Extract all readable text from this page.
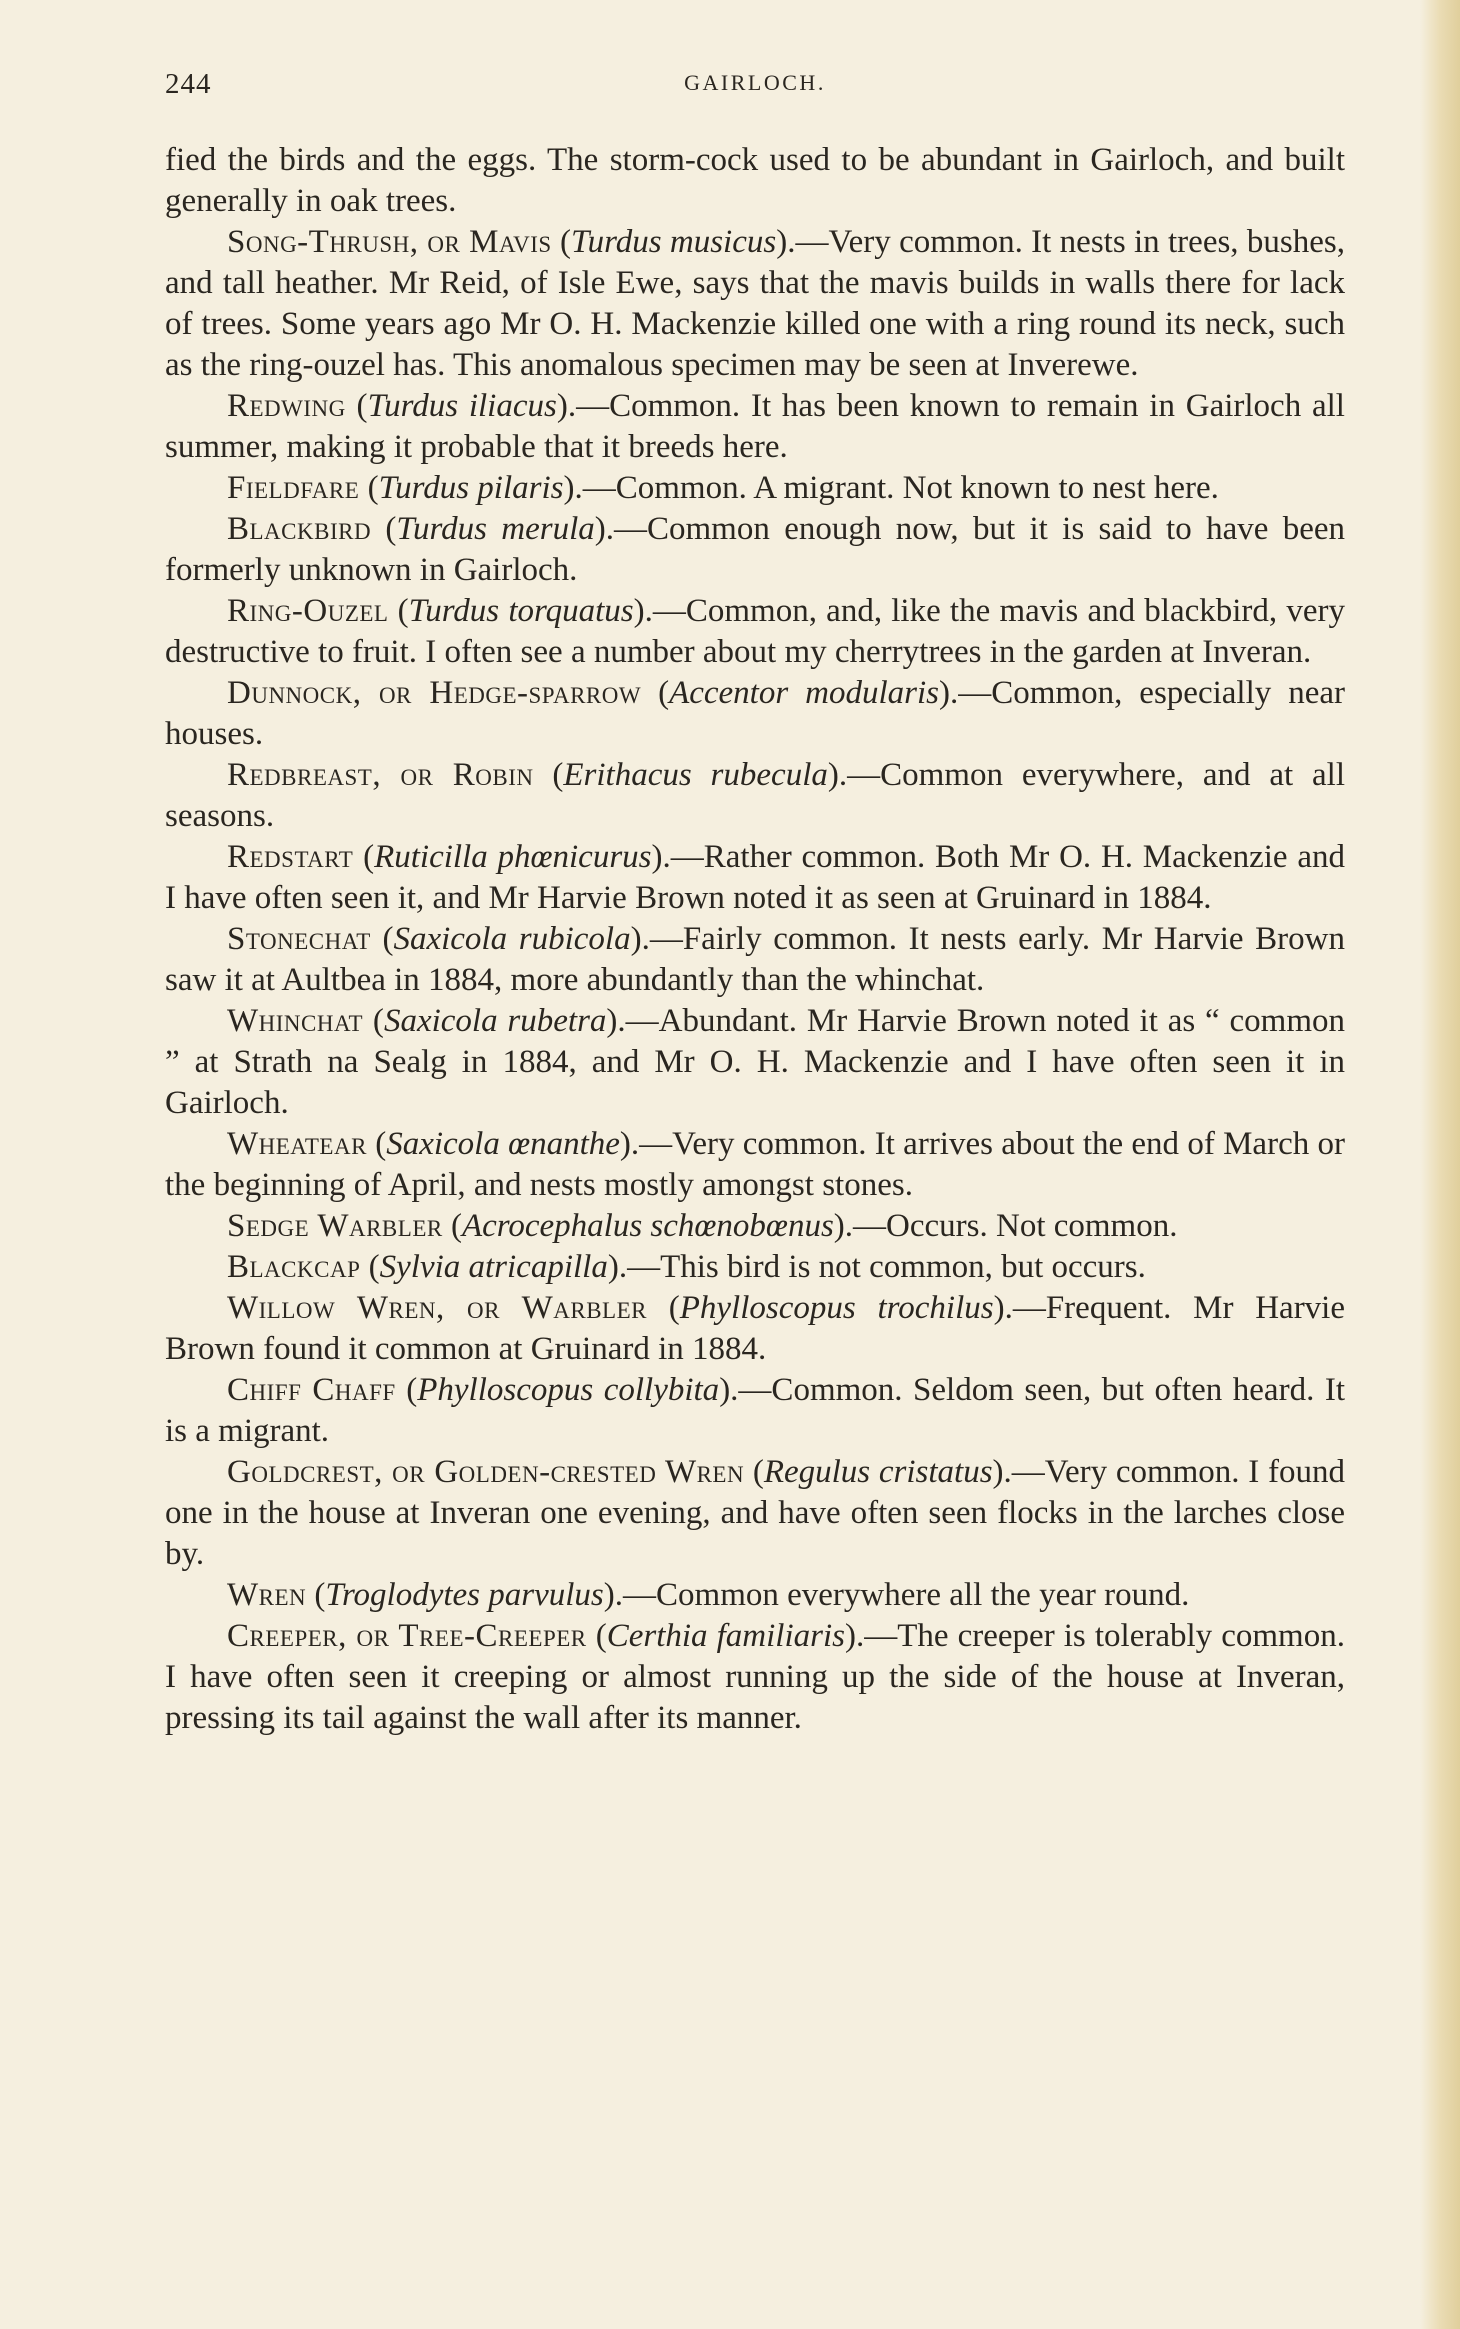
244	GAIRLOCH.

fied the birds and the eggs. The storm-cock used to be abundant in Gairloch, and built generally in oak trees.

Song-Thrush, or Mavis (Turdus musicus).—Very common. It nests in trees, bushes, and tall heather. Mr Reid, of Isle Ewe, says that the mavis builds in walls there for lack of trees. Some years ago Mr O. H. Mackenzie killed one with a ring round its neck, such as the ring-ouzel has. This anomalous specimen may be seen at Inverewe.

Redwing (Turdus iliacus).—Common. It has been known to remain in Gairloch all summer, making it probable that it breeds here.

Fieldfare (Turdus pilaris).—Common. A migrant. Not known to nest here.

Blackbird (Turdus merula).—Common enough now, but it is said to have been formerly unknown in Gairloch.

Ring-Ouzel (Turdus torquatus).—Common, and, like the mavis and blackbird, very destructive to fruit. I often see a number about my cherrytrees in the garden at Inveran.

Dunnock, or Hedge-sparrow (Accentor modularis).—Common, especially near houses.

Redbreast, or Robin (Erithacus rubecula).—Common everywhere, and at all seasons.

Redstart (Ruticilla phœnicurus).—Rather common. Both Mr O. H. Mackenzie and I have often seen it, and Mr Harvie Brown noted it as seen at Gruinard in 1884.

Stonechat (Saxicola rubicola).—Fairly common. It nests early. Mr Harvie Brown saw it at Aultbea in 1884, more abundantly than the whinchat.

Whinchat (Saxicola rubetra).—Abundant. Mr Harvie Brown noted it as “ common ” at Strath na Sealg in 1884, and Mr O. H. Mackenzie and I have often seen it in Gairloch.

Wheatear (Saxicola œnanthe).—Very common. It arrives about the end of March or the beginning of April, and nests mostly amongst stones.

Sedge Warbler (Acrocephalus schœnobœnus).—Occurs. Not common.

Blackcap (Sylvia atricapilla).—This bird is not common, but occurs.

Willow Wren, or Warbler (Phylloscopus trochilus).—Frequent. Mr Harvie Brown found it common at Gruinard in 1884.

Chiff Chaff (Phylloscopus collybita).—Common. Seldom seen, but often heard. It is a migrant.

Goldcrest, or Golden-crested Wren (Regulus cristatus).—Very common. I found one in the house at Inveran one evening, and have often seen flocks in the larches close by.

Wren (Troglodytes parvulus).—Common everywhere all the year round.

Creeper, or Tree-Creeper (Certhia familiaris).—The creeper is tolerably common. I have often seen it creeping or almost running up the side of the house at Inveran, pressing its tail against the wall after its manner.
